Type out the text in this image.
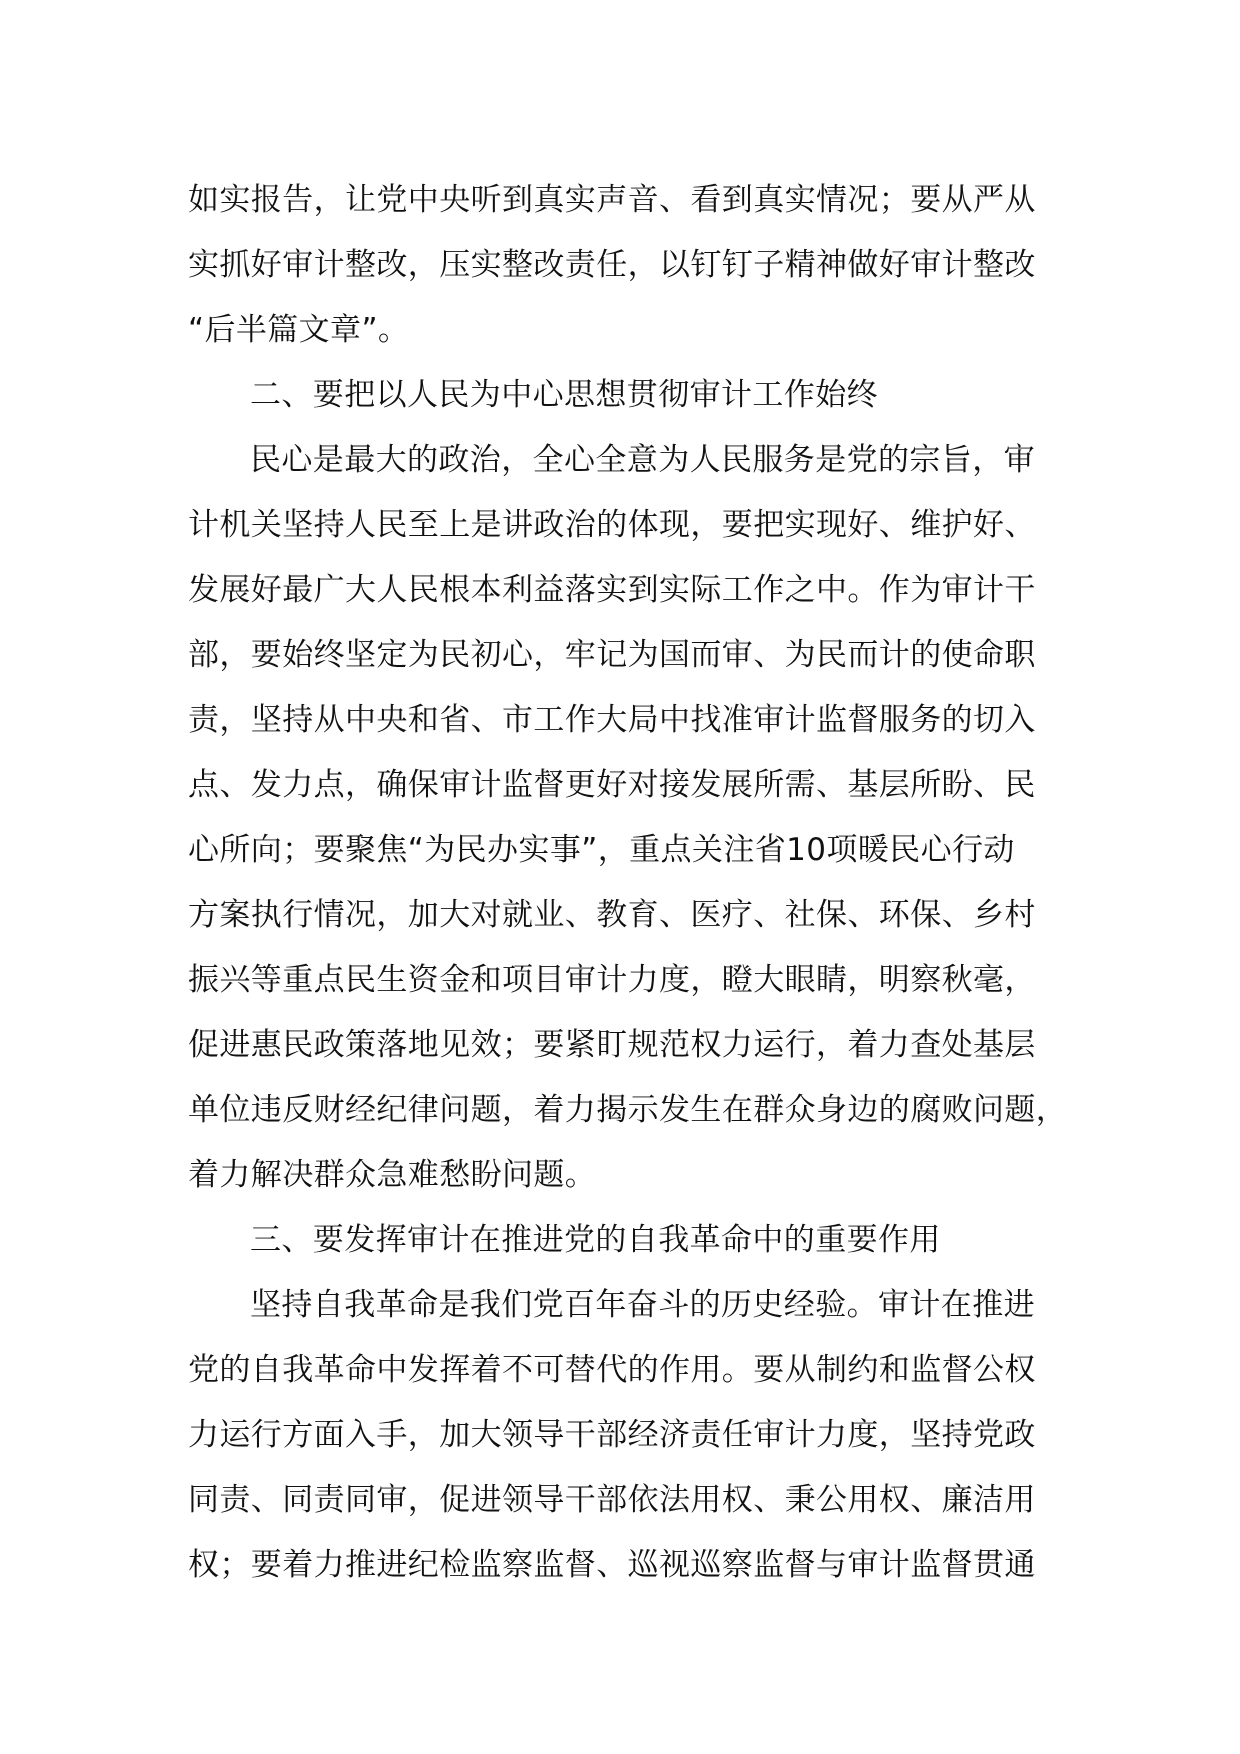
如实报告，让党中央听到真实声音、看到真实情况；要从严从
实抓好审计整改，压实整改责任，以钉钉子精神做好审计整改
“后半篇文章”。
二、要把以人民为中心思想贯彻审计工作始终
民心是最大的政治，全心全意为人民服务是党的宗旨，审
计机关坚持人民至上是讲政治的体现，要把实现好、维护好、
发展好最广大人民根本利益落实到实际工作之中。作为审计干
部，要始终坚定为民初心，牢记为国而审、为民而计的使命职
责，坚持从中央和省、市工作大局中找准审计监督服务的切入
点、发力点，确保审计监督更好对接发展所需、基层所盼、民
心所向；要聚焦“为民办实事”，重点关注省10项暖民心行动
方案执行情况，加大对就业、教育、医疗、社保、环保、乡村
振兴等重点民生资金和项目审计力度，瞪大眼睛，明察秋毫，
促进惠民政策落地见效；要紧盯规范权力运行，着力查处基层
单位违反财经纪律问题，着力揭示发生在群众身边的腐败问题，
着力解决群众急难愁盼问题。
三、要发挥审计在推进党的自我革命中的重要作用
坚持自我革命是我们党百年奋斗的历史经验。审计在推进
党的自我革命中发挥着不可替代的作用。要从制约和监督公权
力运行方面入手，加大领导干部经济责任审计力度，坚持党政
同责、同责同审，促进领导干部依法用权、秉公用权、廉洁用
权；要着力推进纪检监察监督、巡视巡察监督与审计监督贯通
